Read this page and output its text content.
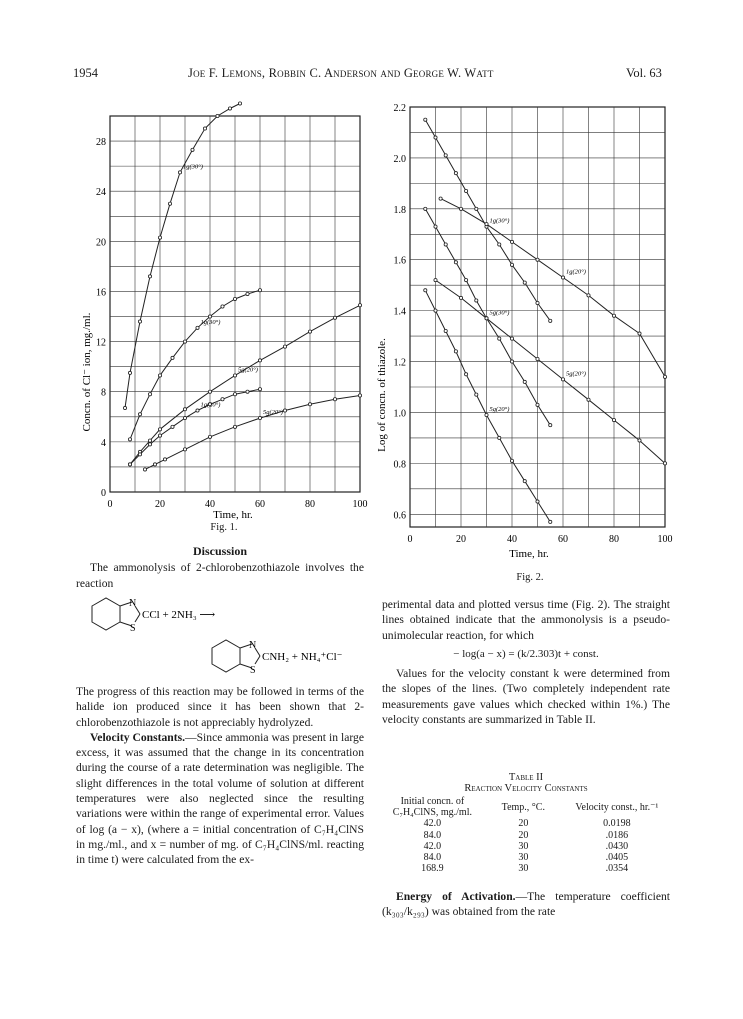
1954	Joe F. Lemons, Robbin C. Anderson and George W. Watt	Vol. 63
0	20	40	60	80	100
0
4
8
12
16
20
24
28
1g(30°)
1g(30°)
5g(20°)
1g(20°)
5g(20°)
Concn. of Cl⁻ ion, mg./ml.
Time, hr.
Fig. 1.
0	20	40	60	80	100
0.6
0.8
1.0
1.2
1.4
1.6
1.8
2.0
2.2
1g(30°)
5g(30°)
1g(20°)
5g(20°)
5g(20°)
Log of concn. of thiazole.
Time, hr.
Fig. 2.
Discussion

The ammonolysis of 2-chlorobenzothiazole involves the reaction

N
S
CCl + 2NH₃ ⟶
N
S
CNH₂ + NH₄⁺Cl⁻

The progress of this reaction may be followed in terms of the halide ion produced since it has been shown that 2-chlorobenzothiazole is not appreciably hydrolyzed.

Velocity Constants.—Since ammonia was present in large excess, it was assumed that the change in its concentration during the course of a rate determination was negligible. The slight differences in the total volume of solution at different temperatures were also neglected since the resulting variations were within the range of experimental error. Values of log (a − x), (where a = initial concentration of C₇H₄ClNS in mg./ml., and x = number of mg. of C₇H₄ClNS/ml. reacting in time t) were calculated from the ex-

perimental data and plotted versus time (Fig. 2). The straight lines obtained indicate that the ammonolysis is a pseudo-unimolecular reaction, for which

− log(a − x) = (k/2.303)t + const.

Values for the velocity constant k were determined from the slopes of the lines. (Two completely independent rate measurements gave values which checked within 1%.) The velocity constants are summarized in Table II.

Table II
Reaction Velocity Constants
Initial concn. of C₇H₄ClNS, mg./ml.	Temp., °C.	Velocity const., hr.⁻¹
42.0	20	0.0198
84.0	20	.0186
42.0	30	.0430
84.0	30	.0405
168.9	30	.0354

Energy of Activation.—The temperature coefficient (k₃₀₃/k₂₉₃) was obtained from the rate
